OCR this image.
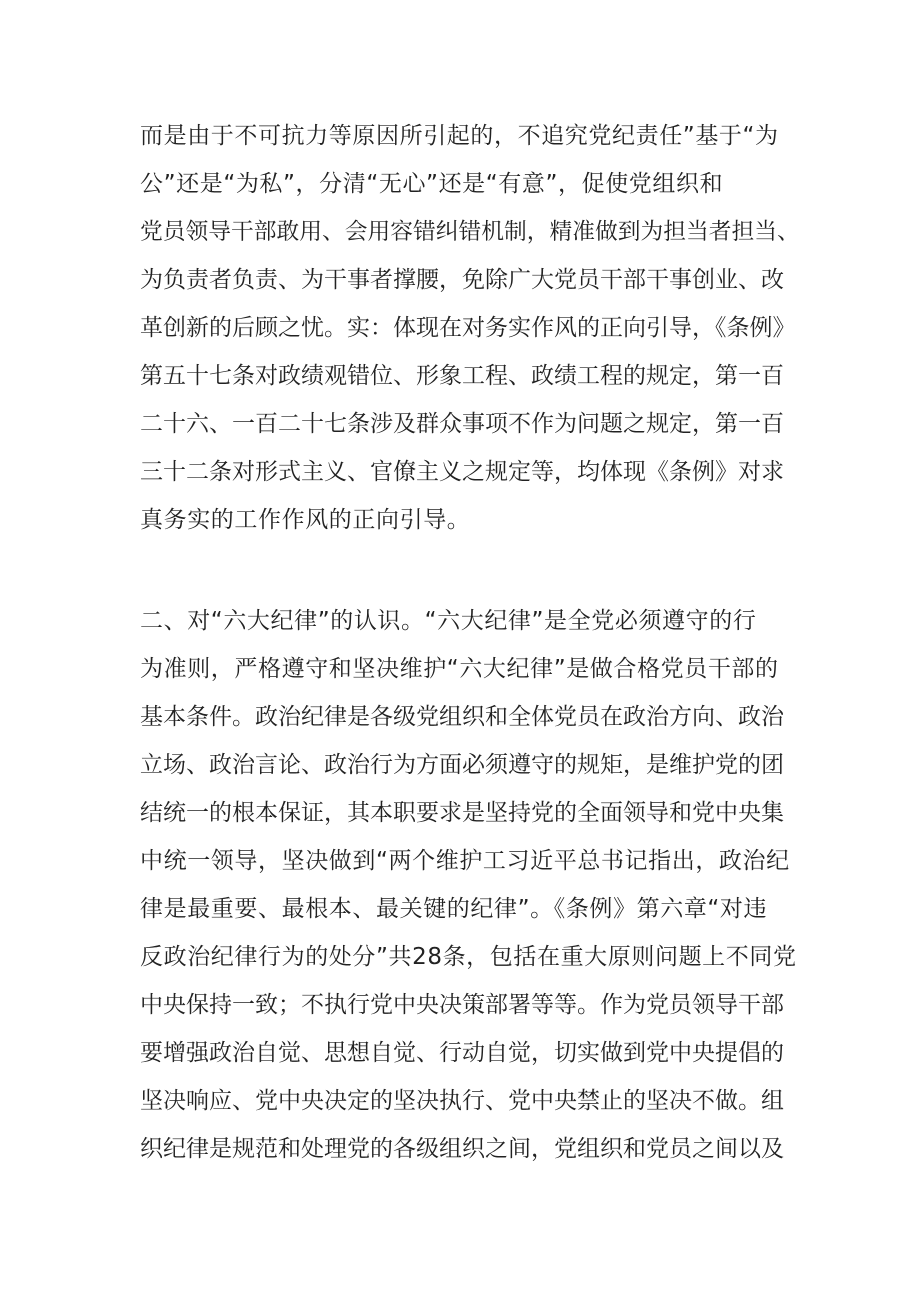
而是由于不可抗力等原因所引起的，不追究党纪责任”基于“为
公”还是“为私”，分清“无心”还是“有意”，促使党组织和
党员领导干部敢用、会用容错纠错机制，精准做到为担当者担当、
为负责者负责、为干事者撑腰，免除广大党员干部干事创业、改
革创新的后顾之忧。实：体现在对务实作风的正向引导，《条例》
第五十七条对政绩观错位、形象工程、政绩工程的规定，第一百
二十六、一百二十七条涉及群众事项不作为问题之规定，第一百
三十二条对形式主义、官僚主义之规定等，均体现《条例》对求
真务实的工作作风的正向引导。
二、对“六大纪律”的认识。“六大纪律”是全党必须遵守的行
为准则，严格遵守和坚决维护“六大纪律”是做合格党员干部的
基本条件。政治纪律是各级党组织和全体党员在政治方向、政治
立场、政治言论、政治行为方面必须遵守的规矩，是维护党的团
结统一的根本保证，其本职要求是坚持党的全面领导和党中央集
中统一领导，坚决做到“两个维护工习近平总书记指出，政治纪
律是最重要、最根本、最关键的纪律”。《条例》第六章“对违
反政治纪律行为的处分”共28条，包括在重大原则问题上不同党
中央保持一致；不执行党中央决策部署等等。作为党员领导干部
要增强政治自觉、思想自觉、行动自觉，切实做到党中央提倡的
坚决响应、党中央决定的坚决执行、党中央禁止的坚决不做。组
织纪律是规范和处理党的各级组织之间，党组织和党员之间以及
